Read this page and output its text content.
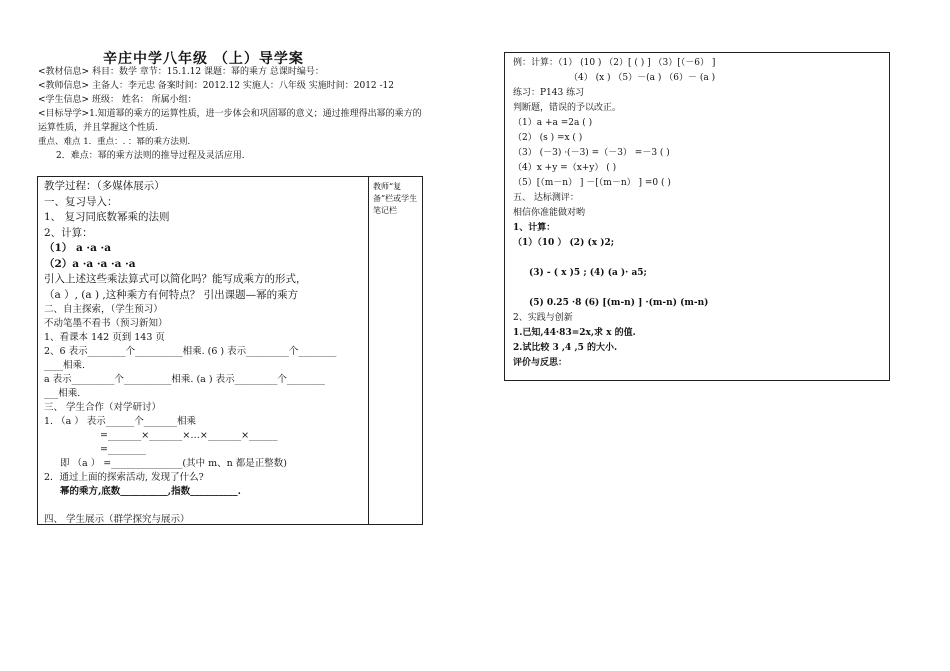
辛庄中学八年级 （上）导学案
<教材信息> 科目：数学 章节：15.1.12 课题：幂的乘方 总课时编号：
<教师信息> 主备人：李元忠 备案时间：2012.12 实施人：八年级 实施时间：2012 -12
<学生信息> 班级： 姓名： 所属小组：
<目标导学>1.知道幂的乘方的运算性质，进一步体会和巩固幂的意义；通过推理得出幂的乘方的
运算性质，并且掌握这个性质.
重点、难点 1．重点：. ：幂的乘方法则.
2．难点：幂的乘方法则的推导过程及灵活应用.
教学过程：（多媒体展示）
一、复习导入：
1、 复习同底数幂乘的法则
2、计算：
（1） a ·a ·a
（2）a ·a ·a ·a ·a
引入上述这些乘法算式可以简化吗？能写成乘方的形式，
（a ）, (a ) ,这种乘方有何特点？ 引出课题—幂的乘方
二、自主探索，（学生预习）
不动笔墨不看书（预习新知）
1、看课本 142 页到 143 页
2、6 表示________个__________相乘. (6 ) 表示_________个________
____相乘.
a 表示_________个__________相乘. (a ) 表示_________个________
___相乘.
三、 学生合作（对学研讨）
1. （a ） 表示______个_______相乘
=_______×_______×…×_______×______
=________
即 （a ） =_______________(其中 m、n 都是正整数)
2．通过上面的探索活动, 发现了什么?
幂的乘方,底数__________,指数__________.

四、 学生展示（群学探究与展示）
教师“复备”栏或学生笔记栏
例：计算：（1） (10 ) （2）[ ( ) ] （3）[（－6） ]
（4） (x ) （5）－(a ) （6）－ (a )
练习：P143 练习
判断题，错误的予以改正。
（1）a +a =2a ( )
（2） (s ) =x ( )
（3） (－3) ·(－3) =（－3） =－3 ( )
（4）x +y =（x+y） ( )
（5）[（m－n） ] －[（m－n） ] =0 ( )
五、 达标测评：
相信你准能做对哟
1、计算：
（1）（10 ） (2) (x )2;

(3) - ( x )5 ; (4) (a )· a5;

(5) 0.25 ·8 (6) [(m-n) ] ·(m-n) (m-n)
2、实践与创新
1.已知,44·83=2x,求 x 的值.
2.试比较 3 ,4 ,5 的大小.
评价与反思：
